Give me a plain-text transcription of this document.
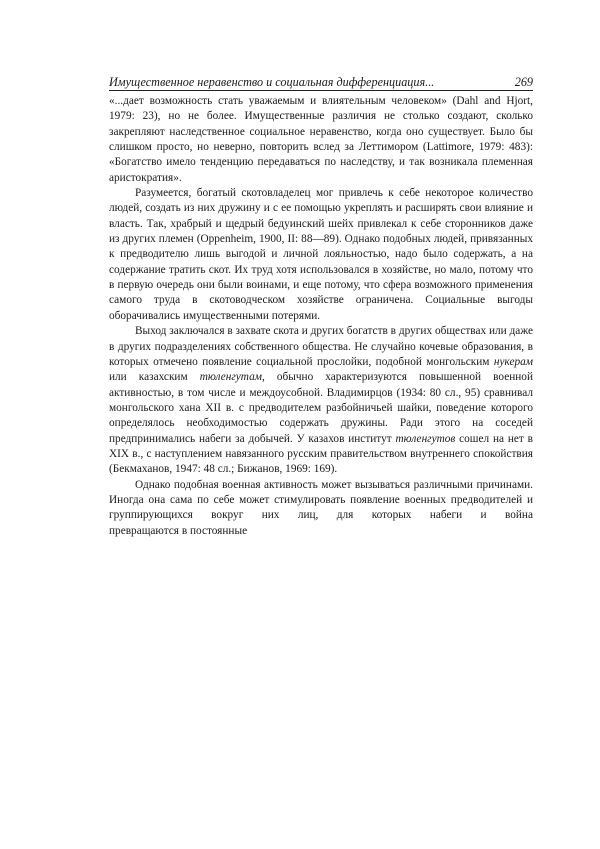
Имущественное неравенство и социальная дифференциация...	269

«...дает возможность стать уважаемым и влиятельным человеком» (Dahl and Hjort, 1979: 23), но не более. Имущественные различия не столько создают, сколько закрепляют наследственное социальное неравенство, когда оно существует. Было бы слишком просто, но неверно, повторить вслед за Леттимором (Lattimore, 1979: 483): «Богатство имело тенденцию передаваться по наследству, и так возникала племенная аристократия».

Разумеется, богатый скотовладелец мог привлечь к себе некоторое количество людей, создать из них дружину и с ее помощью укреплять и расширять свои влияние и власть. Так, храбрый и щедрый бедуинский шейх привлекал к себе сторонников даже из других племен (Oppenheim, 1900, II: 88—89). Однако подобных людей, привязанных к предводителю лишь выгодой и личной лояльностью, надо было содержать, а на содержание тратить скот. Их труд хотя использовался в хозяйстве, но мало, потому что в первую очередь они были воинами, и еще потому, что сфера возможного применения самого труда в скотоводческом хозяйстве ограничена. Социальные выгоды оборачивались имущественными потерями.

Выход заключался в захвате скота и других богатств в других обществах или даже в других подразделениях собственного общества. Не случайно кочевые образования, в которых отмечено появление социальной прослойки, подобной монгольским нукерам или казахским тюленгутам, обычно характеризуются повышенной военной активностью, в том числе и междоусобной. Владимирцов (1934: 80 сл., 95) сравнивал монгольского хана XII в. с предводителем разбойничьей шайки, поведение которого определялось необходимостью содержать дружины. Ради этого на соседей предпринимались набеги за добычей. У казахов институт тюленгутов сошел на нет в XIX в., с наступлением навязанного русским правительством внутреннего спокойствия (Бекмаханов, 1947: 48 сл.; Бижанов, 1969: 169).

Однако подобная военная активность может вызываться различными причинами. Иногда она сама по себе может стимулировать появление военных предводителей и группирующихся вокруг них лиц, для которых набеги и война
превращаются в постоянные
